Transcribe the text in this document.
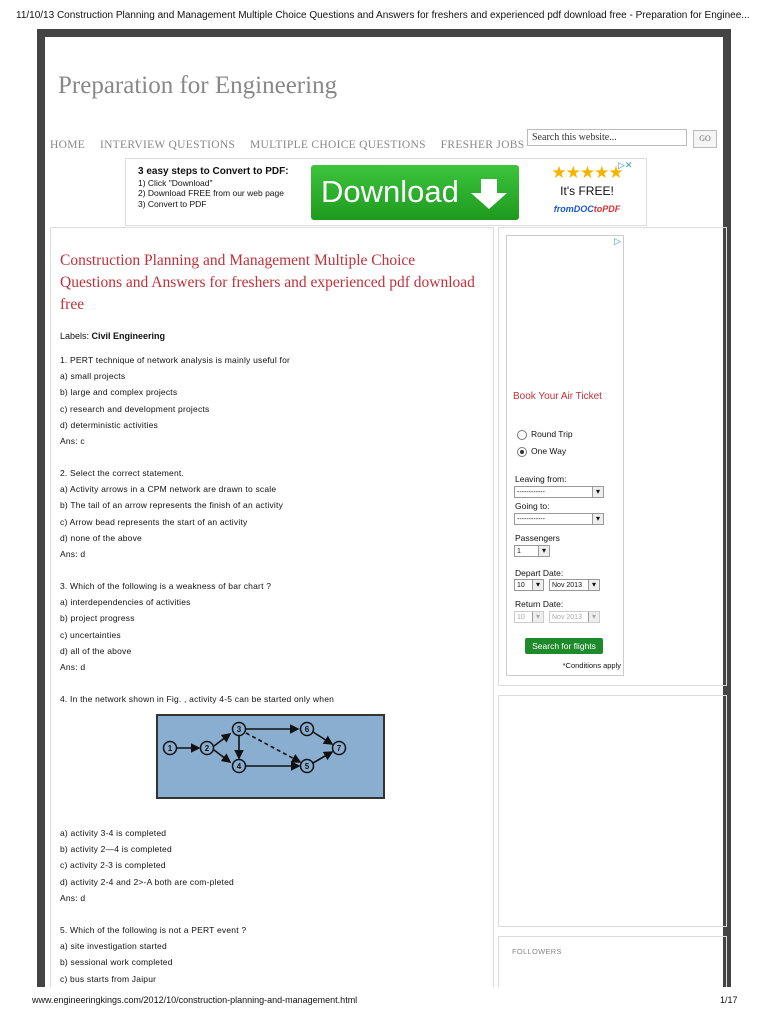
11/10/13 Construction Planning and Management Multiple Choice Questions and Answers for freshers and experienced pdf download free - Preparation for Enginee...
Preparation for Engineering
HOME INTERVIEW QUESTIONS MULTIPLE CHOICE QUESTIONS FRESHER JOBS
Search this website...	GO
3 easy steps to Convert to PDF:
1) Click "Download"
2) Download FREE from our web page
3) Convert to PDF	Download
★★★★★
It's FREE!
fromDOCtoPDF
▷✕
Construction Planning and Management Multiple Choice Questions and Answers for freshers and experienced pdf download free
Labels: Civil Engineering
1. PERT technique of network analysis is mainly useful for
a) small projects
b) large and complex projects
c) research and development projects
d) deterministic activities
Ans: c
2. Select the correct statement.
a) Activity arrows in a CPM network are drawn to scale
b) The tail of an arrow represents the finish of an activity
c) Arrow bead represents the start of an activity
d) none of the above
Ans: d
3. Which of the following is a weakness of bar chart ?
a) interdependencies of activities
b) project progress
c) uncertainties
d) all of the above
Ans: d
4. In the network shown in Fig. , activity 4-5 can be started only when
1	2
3
4	5
6
7
a) activity 3-4 is completed
b) activity 2—4 is completed
c) activity 2-3 is completed
d) activity 2-4 and 2>-A both are com-pleted
Ans: d
5. Which of the following is not a PERT event ?
a) site investigation started
b) sessional work completed
c) bus starts from Jaipur
FOLLOWERS
▷
Book Your Air Ticket
Round Trip
One Way
Leaving from:
------------ ▾
Going to:
------------ ▾
Passengers
1 ▾
Depart Date:
10 ▾	Nov 2013 ▾
Return Date:
10 ▾	Nov 2013 ▾
Search for flights
*Conditions apply
www.engineeringkings.com/2012/10/construction-planning-and-management.html	1/17
